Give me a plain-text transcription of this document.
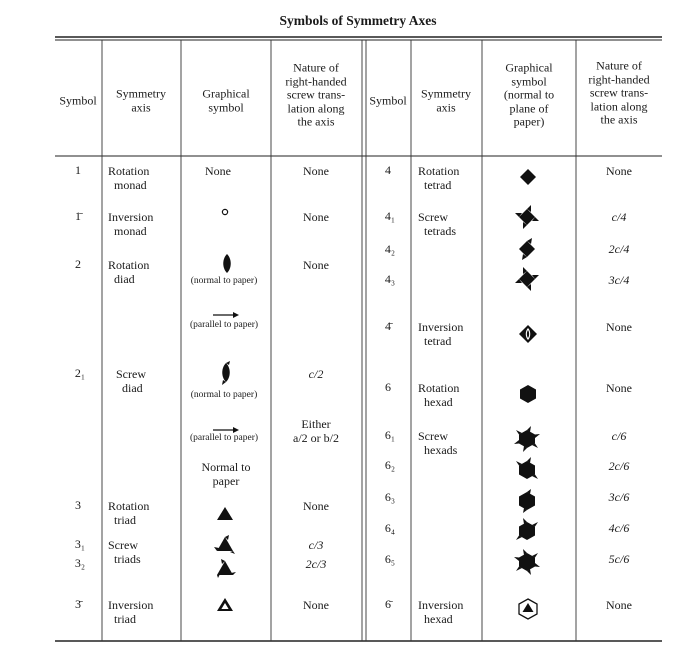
Symbols of Symmetry Axes
Symbol Symmetry
axis
Graphical
symbol
Nature of
right-handed
screw trans-
lation along
the axis
Symbol Symmetry
axis
Graphical
symbol
(normal to
plane of
paper)
Nature of
right-handed
screw trans-
lation along
the axis
1
1̄
2
2₁
3
3₁
3₂
3̄
Rotation
monad
Inversion
monad
Rotation
diad
Screw
diad
Rotation
triad
Screw
triads
Inversion
triad
None
(normal to paper)
(parallel to paper)
(normal to paper)
(parallel to paper)
Normal to
paper
None
None
None
c/2
Either
a/2 or b/2
None
c/3
2c/3
None
4
4₁
4₂
4₃
4̄
6
6₁
6₂
6₃
6₄
6₅
6̄
Rotation
tetrad
Screw
tetrads
Inversion
tetrad
Rotation
hexad
Screw
hexads
Inversion
hexad
None
c/4
2c/4
3c/4
None
None
c/6
2c/6
3c/6
4c/6
5c/6
None
